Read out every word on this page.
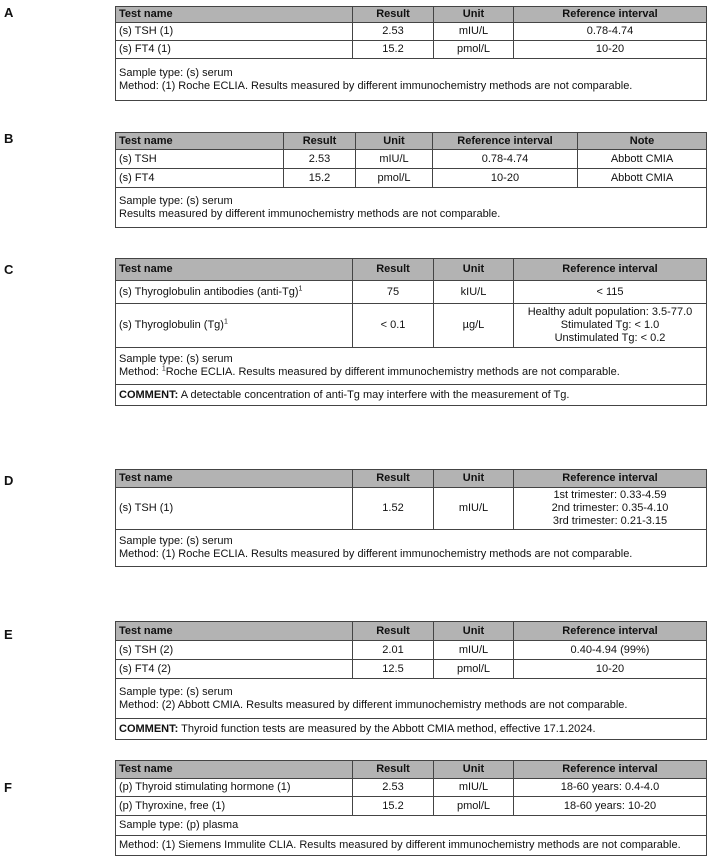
A	Test name	Result	Unit	Reference interval
(s) TSH (1)	2.53	mIU/L	0.78-4.74
(s) FT4 (1)	15.2	pmol/L	10-20

Sample type: (s) serum
Method: (1) Roche ECLIA. Results measured by different immunochemistry methods are not comparable.			
B	Test name	Result	Unit	Reference interval	Note
(s) TSH	2.53	mIU/L	0.78-4.74	Abbott CMIA
(s) FT4	15.2	pmol/L	10-20	Abbott CMIA

Sample type: (s) serum
Results measured by different immunochemistry methods are not comparable.				
C	Test name	Result	Unit	Reference interval
(s) Thyroglobulin antibodies (anti-Tg)$^1$	75	kIU/L	< 115
(s) Thyroglobulin $(Tg)^1$	< 0.1	µg/L	Healthy adult population: 3.5-77.0
Stimulated Tg: < 1.0
Unstimulated Tg: < 0.2

Sample type: (s) serum
Method: $^1$Roche ECLIA. Results measured by different immunochemistry methods are not comparable.			

COMMENT: A detectable concentration of anti-Tg may interfere with the measurement of Tg.			
D	Test name	Result	Unit	Reference interval
(s) TSH (1)	1.52	mIU/L	1st trimester: 0.33-4.59
2nd trimester: 0.35-4.10
3rd trimester: 0.21-3.15

Sample type: (s) serum
Method: (1) Roche ECLIA. Results measured by different immunochemistry methods are not comparable.			
E	Test name	Result	Unit	Reference interval
(s) TSH (2)	2.01	mIU/L	0.40-4.94 (99%)
(s) FT4 (2)	12.5	pmol/L	10-20

Sample type: (s) serum
Method: (2) Abbott CMIA. Results measured by different immunochemistry methods are not comparable.			

COMMENT: Thyroid function tests are measured by the Abbott CMIA method, effective 17.1.2024.			
F
Test name	Result	Unit	Reference interval
(p) Thyroid stimulating hormone (1)	2.53	mIU/L	18-60 years: 0.4-4.0
(p) Thyroxine, free (1)	15.2	pmol/L	18-60 years: 10-20
Sample type: (p) plasma			
Method: (1) Siemens Immulite CLIA. Results measured by different immunochemistry methods are not comparable.			
